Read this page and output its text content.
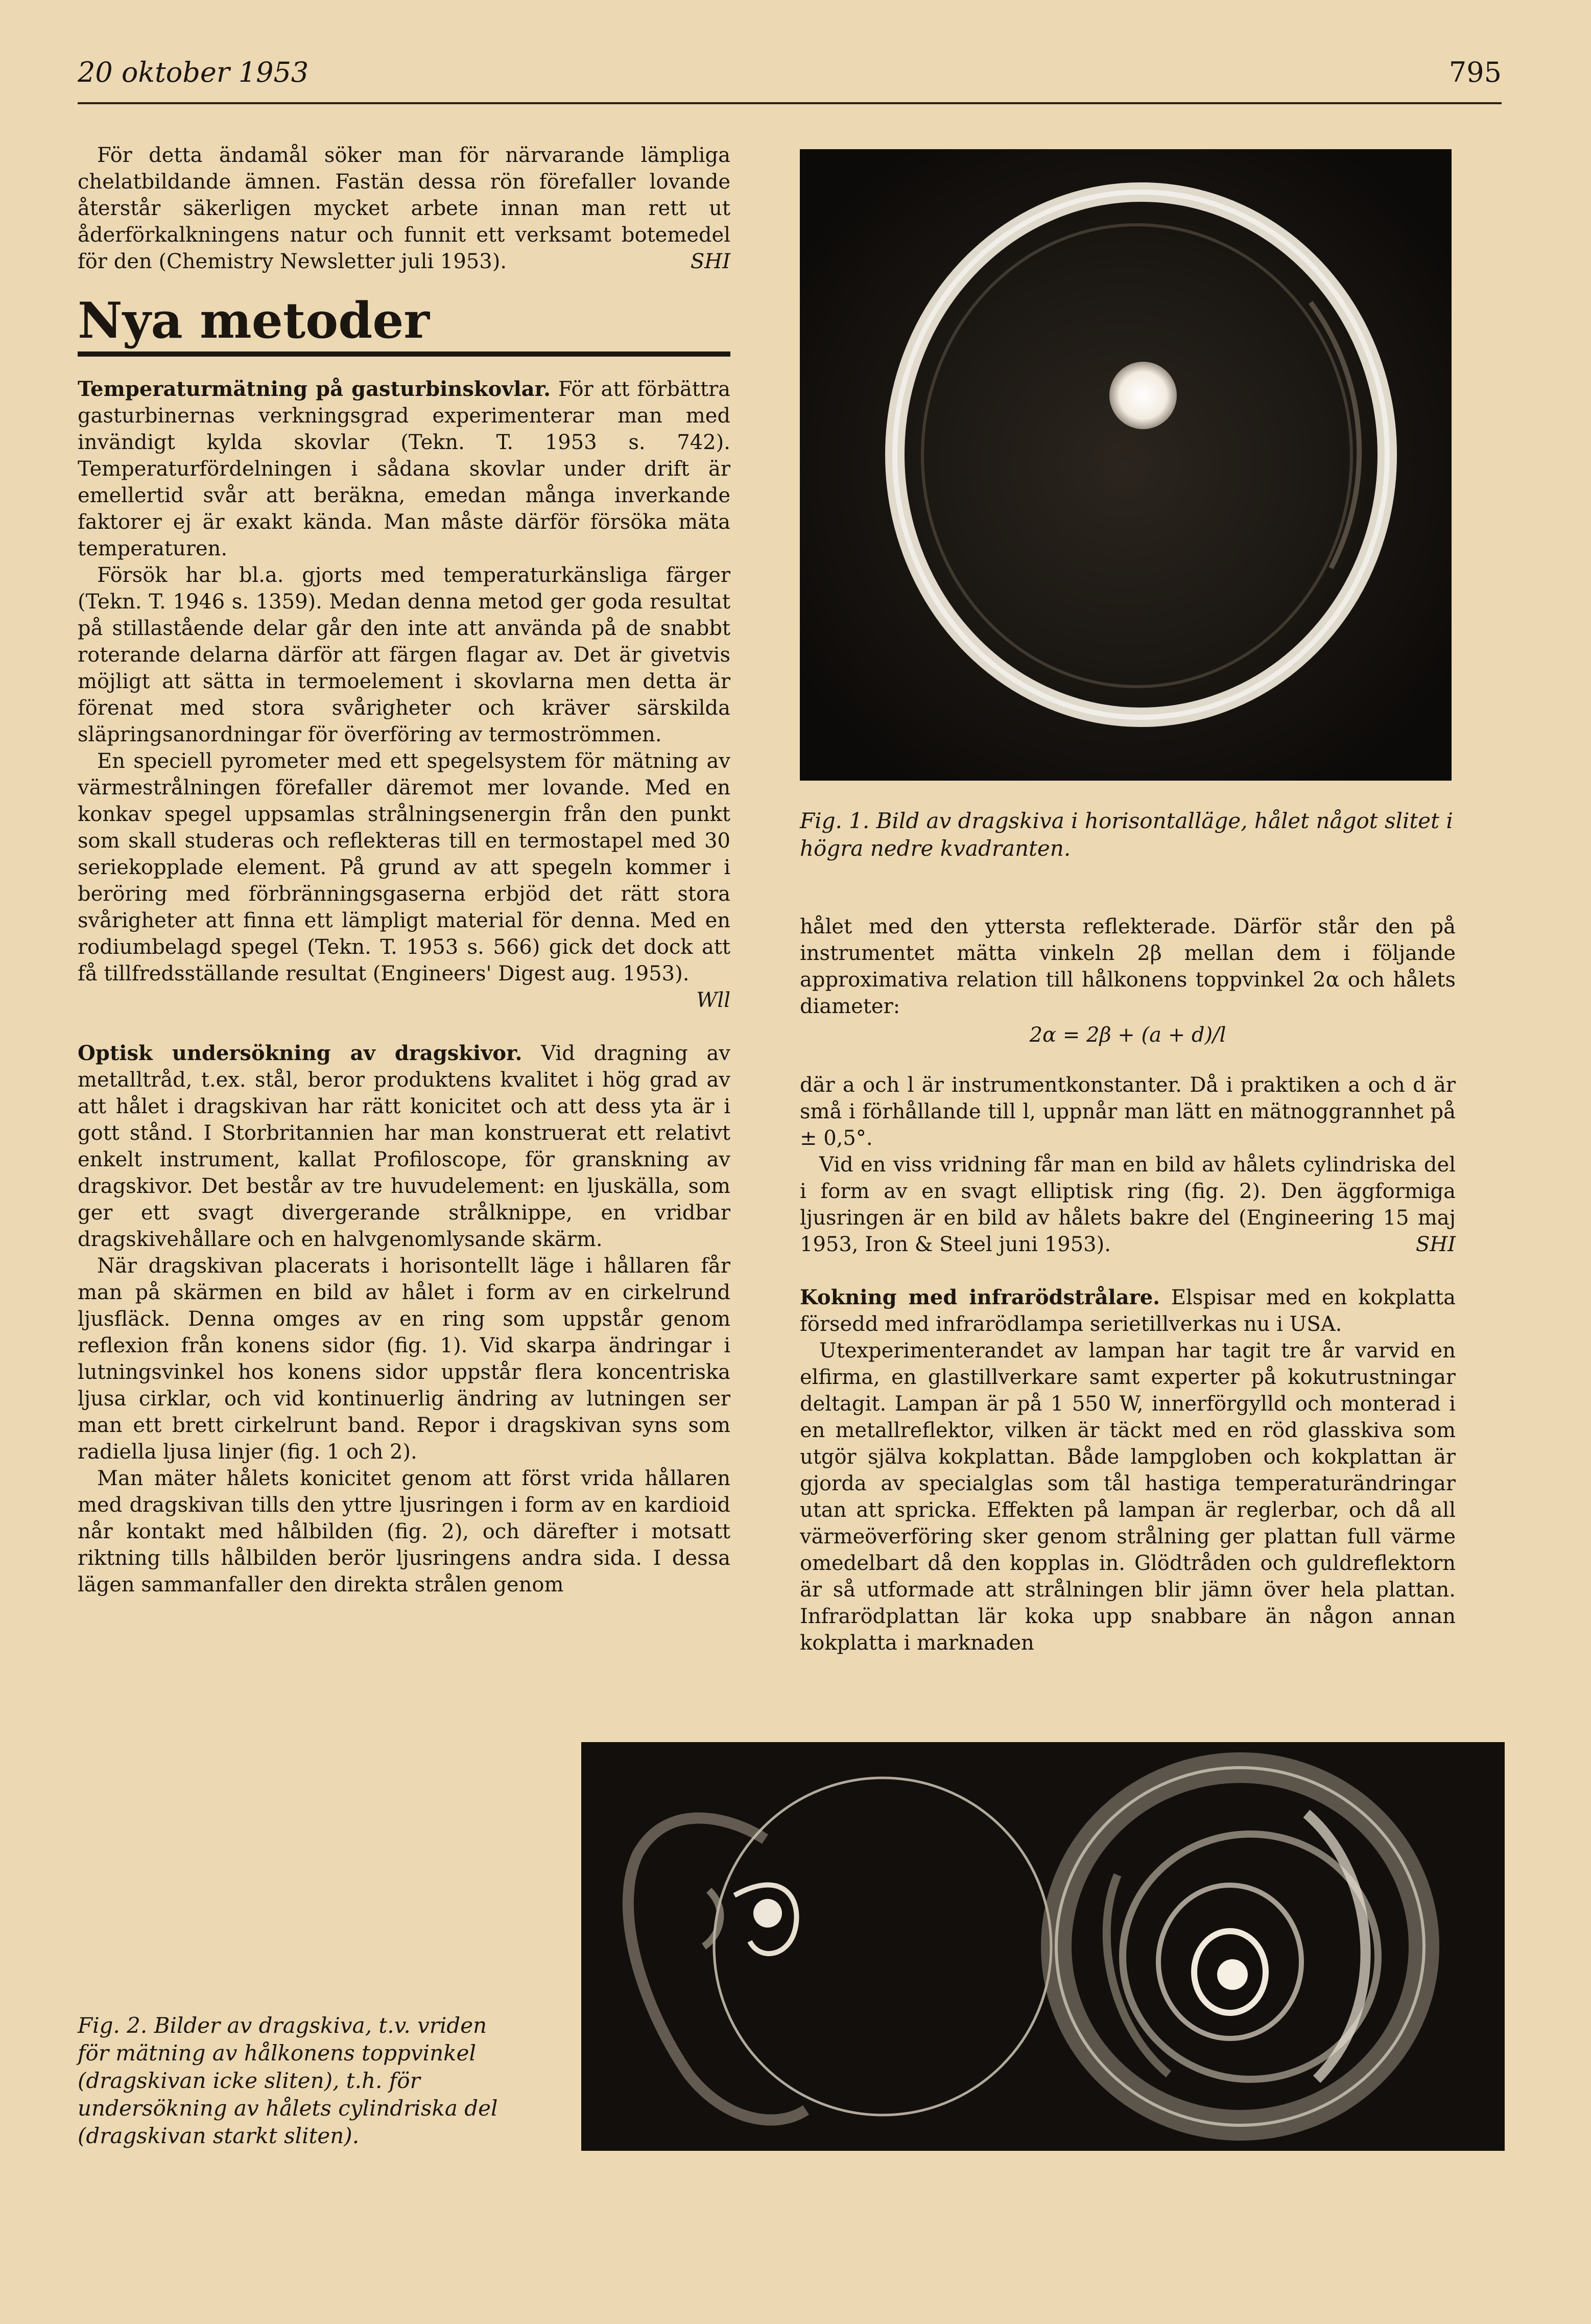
20 oktober 1953	795

För detta ändamål söker man för närvarande lämpliga chelatbildande ämnen. Fastän dessa rön förefaller lovande återstår säkerligen mycket arbete innan man rett ut åderförkalkningens natur och funnit ett verksamt botemedel för den (Chemistry Newsletter juli 1953).	SHI

Nya metoder

Temperaturmätning på gasturbinskovlar. För att förbättra gasturbinernas verkningsgrad experimenterar man med invändigt kylda skovlar (Tekn. T. 1953 s. 742). Temperaturfördelningen i sådana skovlar under drift är emellertid svår att beräkna, emedan många inverkande faktorer ej är exakt kända. Man måste därför försöka mäta temperaturen.

Försök har bl.a. gjorts med temperaturkänsliga färger (Tekn. T. 1946 s. 1359). Medan denna metod ger goda resultat på stillastående delar går den inte att använda på de snabbt roterande delarna därför att färgen flagar av. Det är givetvis möjligt att sätta in termoelement i skovlarna men detta är förenat med stora svårigheter och kräver särskilda släpringsanordningar för överföring av termoströmmen.

En speciell pyrometer med ett spegelsystem för mätning av värmestrålningen förefaller däremot mer lovande. Med en konkav spegel uppsamlas strålningsenergin från den punkt som skall studeras och reflekteras till en termostapel med 30 seriekopplade element. På grund av att spegeln kommer i beröring med förbränningsgaserna erbjöd det rätt stora svårigheter att finna ett lämpligt material för denna. Med en rodiumbelagd spegel (Tekn. T. 1953 s. 566) gick det dock att få tillfredsställande resultat (Engineers' Digest aug. 1953).

Wll

Optisk undersökning av dragskivor. Vid dragning av metalltråd, t.ex. stål, beror produktens kvalitet i hög grad av att hålet i dragskivan har rätt konicitet och att dess yta är i gott stånd. I Storbritannien har man konstruerat ett relativt enkelt instrument, kallat Profiloscope, för granskning av dragskivor. Det består av tre huvudelement: en ljuskälla, som ger ett svagt divergerande strålknippe, en vridbar dragskivehållare och en halvgenomlysande skärm.

När dragskivan placerats i horisontellt läge i hållaren får man på skärmen en bild av hålet i form av en cirkelrund ljusfläck. Denna omges av en ring som uppstår genom reflexion från konens sidor (fig. 1). Vid skarpa ändringar i lutningsvinkel hos konens sidor uppstår flera koncentriska ljusa cirklar, och vid kontinuerlig ändring av lutningen ser man ett brett cirkelrunt band. Repor i dragskivan syns som radiella ljusa linjer (fig. 1 och 2).

Man mäter hålets konicitet genom att först vrida hållaren med dragskivan tills den yttre ljusringen i form av en kardioid når kontakt med hålbilden (fig. 2), och därefter i motsatt riktning tills hålbilden berör ljusringens andra sida. I dessa lägen sammanfaller den direkta strålen genom

Fig. 1. Bild av dragskiva i horisontalläge, hålet något slitet i högra nedre kvadranten.

hålet med den yttersta reflekterade. Därför står den på instrumentet mätta vinkeln 2β mellan dem i följande approximativa relation till hålkonens toppvinkel 2α och hålets diameter:

2α = 2β + (a + d)/l

där a och l är instrumentkonstanter. Då i praktiken a och d är små i förhållande till l, uppnår man lätt en mätnoggrannhet på ± 0,5°.

Vid en viss vridning får man en bild av hålets cylindriska del i form av en svagt elliptisk ring (fig. 2). Den äggformiga ljusringen är en bild av hålets bakre del (Engineering 15 maj 1953, Iron & Steel juni 1953).	SHI

Kokning med infrarödstrålare. Elspisar med en kokplatta försedd med infrarödlampa serietillverkas nu i USA.

Utexperimenterandet av lampan har tagit tre år varvid en elfirma, en glastillverkare samt experter på kokutrustningar deltagit. Lampan är på 1 550 W, innerförgylld och monterad i en metallreflektor, vilken är täckt med en röd glasskiva som utgör själva kokplattan. Både lampgloben och kokplattan är gjorda av specialglas som tål hastiga temperaturändringar utan att spricka. Effekten på lampan är reglerbar, och då all värmeöverföring sker genom strålning ger plattan full värme omedelbart då den kopplas in. Glödtråden och guldreflektorn är så utformade att strålningen blir jämn över hela plattan. Infrarödplattan lär koka upp snabbare än någon annan kokplatta i marknaden

Fig. 2. Bilder av dragskiva, t.v. vriden för mätning av hålkonens toppvinkel (dragskivan icke sliten), t.h. för undersökning av hålets cylindriska del (dragskivan starkt sliten).
